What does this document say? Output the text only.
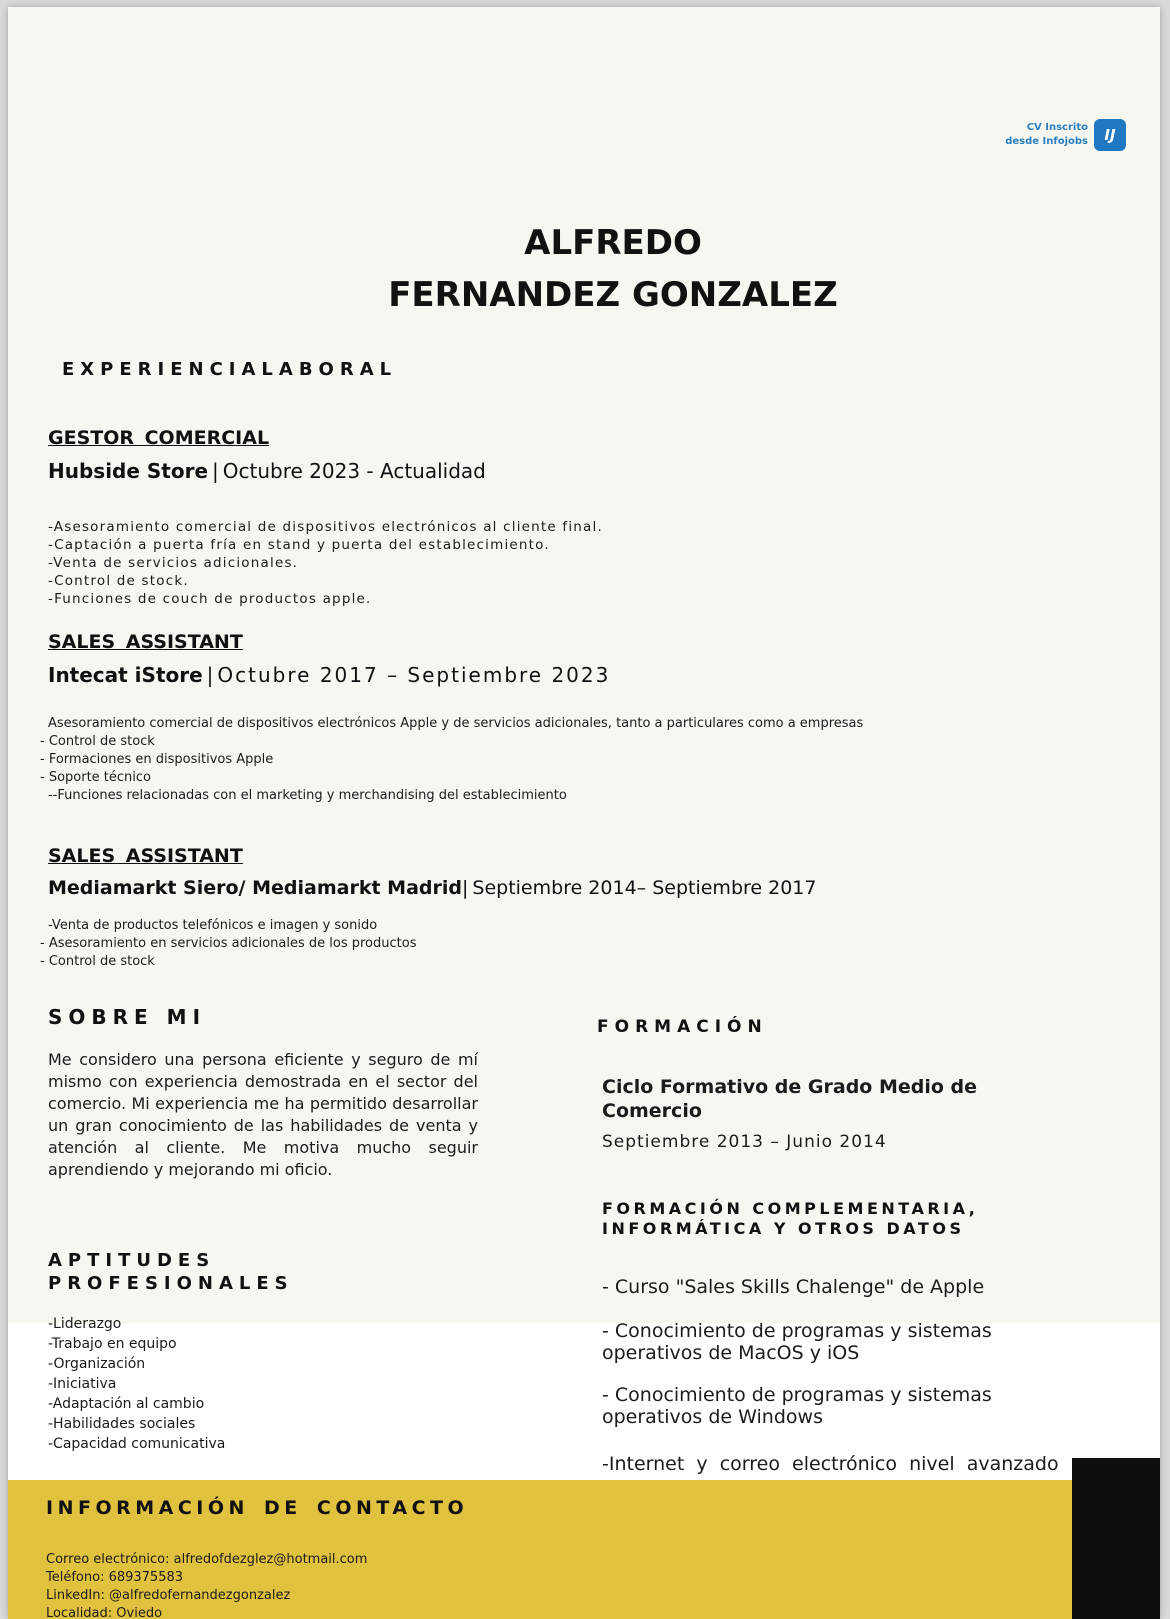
CV Inscrito
desde Infojobs	IJ
ALFREDO
FERNANDEZ GONZALEZ
EXPERIENCIALABORAL
GESTOR COMERCIAL
Hubside Store | Octubre 2023 - Actualidad
-Asesoramiento comercial de dispositivos electrónicos al cliente final.
-Captación a puerta fría en stand y puerta del establecimiento.
-Venta de servicios adicionales.
-Control de stock.
-Funciones de couch de productos apple.
SALES ASSISTANT
Intecat iStore | Octubre 2017 – Septiembre 2023
Asesoramiento comercial de dispositivos electrónicos Apple y de servicios adicionales, tanto a particulares como a empresas
- Control de stock
- Formaciones en dispositivos Apple
- Soporte técnico
--Funciones relacionadas con el marketing y merchandising del establecimiento
SALES ASSISTANT
Mediamarkt Siero/ Mediamarkt Madrid| Septiembre 2014– Septiembre 2017
-Venta de productos telefónicos e imagen y sonido
- Asesoramiento en servicios adicionales de los productos
- Control de stock
SOBRE MI
Me considero una persona eficiente y seguro de mí mismo con experiencia demostrada en el sector del comercio. Mi experiencia me ha permitido desarrollar un gran conocimiento de las habilidades de venta y atención al cliente. Me motiva mucho seguir aprendiendo y mejorando mi oficio.
APTITUDES
PROFESIONALES
-Liderazgo
-Trabajo en equipo
-Organización
-Iniciativa
-Adaptación al cambio
-Habilidades sociales
-Capacidad comunicativa
FORMACIÓN
Ciclo Formativo de Grado Medio de Comercio
Septiembre 2013 – Junio 2014
FORMACIÓN COMPLEMENTARIA,
INFORMÁTICA Y OTROS DATOS
- Curso "Sales Skills Chalenge" de Apple
- Conocimiento de programas y sistemas operativos de MacOS y iOS
- Conocimiento de programas y sistemas operativos de Windows
-Internet  y  correo  electrónico  nivel  avanzado
INFORMACIÓN DE CONTACTO
Correo electrónico: alfredofdezglez@hotmail.com
Teléfono: 689375583
LinkedIn: @alfredofernandezgonzalez
Localidad: Oviedo
